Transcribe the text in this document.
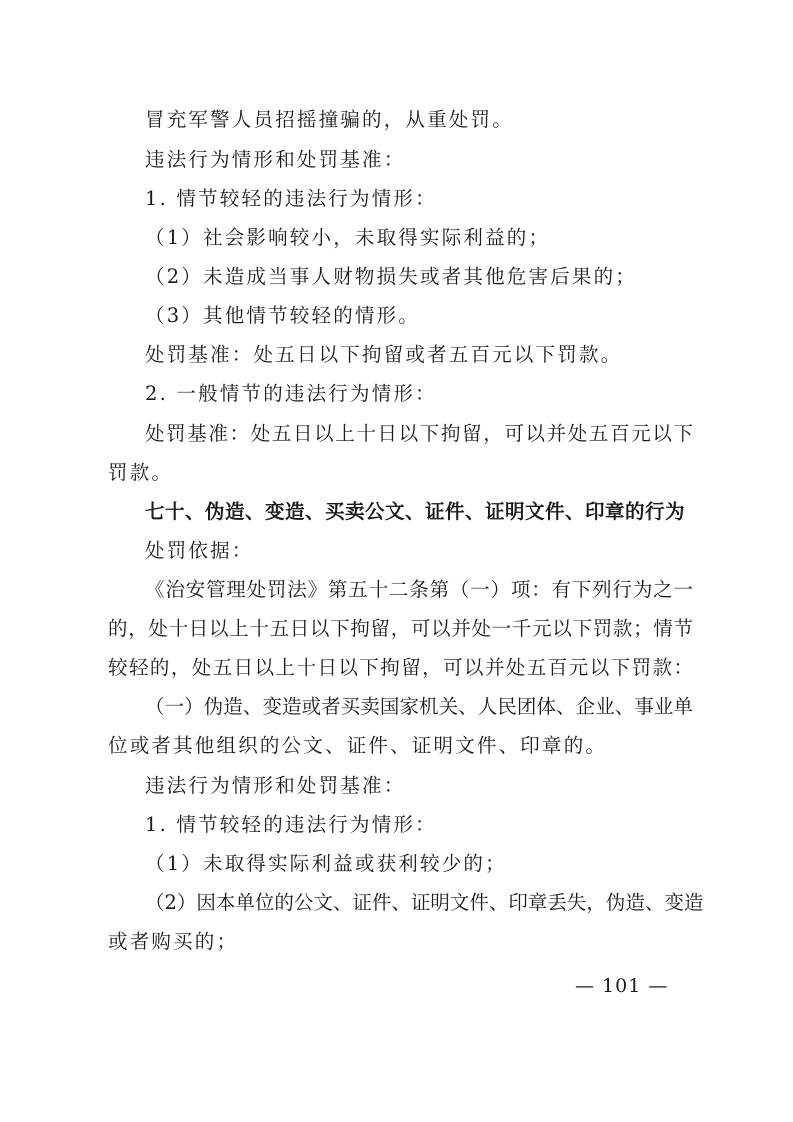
冒充军警人员招摇撞骗的，从重处罚。
违法行为情形和处罚基准：
1. 情节较轻的违法行为情形：
（1）社会影响较小，未取得实际利益的；
（2）未造成当事人财物损失或者其他危害后果的；
（3）其他情节较轻的情形。
处罚基准：处五日以下拘留或者五百元以下罚款。
2. 一般情节的违法行为情形：
处罚基准：处五日以上十日以下拘留，可以并处五百元以下
罚款。
七十、伪造、变造、买卖公文、证件、证明文件、印章的行为
处罚依据：
《治安管理处罚法》第五十二条第（一）项：有下列行为之一
的，处十日以上十五日以下拘留，可以并处一千元以下罚款；情节
较轻的，处五日以上十日以下拘留，可以并处五百元以下罚款：
（一）伪造、变造或者买卖国家机关、人民团体、企业、事业单
位或者其他组织的公文、证件、证明文件、印章的。
违法行为情形和处罚基准：
1. 情节较轻的违法行为情形：
（1）未取得实际利益或获利较少的；
（2）因本单位的公文、证件、证明文件、印章丢失，伪造、变造
或者购买的；
— 101 —
